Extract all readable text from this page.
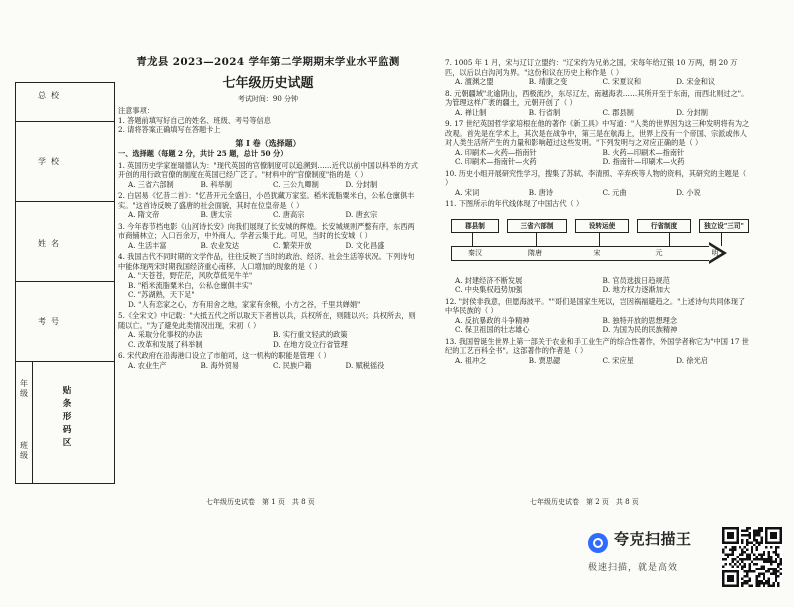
总校
学校
姓名
考号
年级
班级
贴条形码区
青龙县 2023—2024 学年第二学期期末学业水平监测
七年级历史试题
考试时间：90 分钟

注意事项：

1. 答题前填写好自己的姓名、班级、考号等信息

2. 请将答案正确填写在答题卡上

第 I 卷（选择题）
一、选择题（每题 2 分，共计 25 题，总计 50 分）

1. 英国历史学家崔瑞德认为："现代英国的官僚制度可以追溯到……近代以前中国以科举的方式开创的用行政官僚的制度在英国已经广泛了。"材料中的"官僚制度"指的是（ ）

A. 三省六部制	B. 科举制	C. 三公九卿制	D. 分封制

2. 白居易《忆昔二首》："忆昔开元全盛日，小邑犹藏万家室。稻米流脂粟米白，公私仓廪俱丰实。"这首诗反映了盛唐的社会面貌，其时在位皇帝是（ ）

A. 隋文帝	B. 唐太宗	C. 唐高宗	D. 唐玄宗

3. 今年春节档电影《山河诗长安》向我们展现了长安城的辉煌。长安城规则严整有序，东西两市商铺林立；入口百余万，中外商人、学者云集于此。可见，当时的长安城（ ）

A. 生活丰富	B. 农业发达	C. 繁荣开放	D. 文化昌盛

4. 我国古代不同时期的文学作品，往往反映了当时的政治、经济、社会生活等状况。下列诗句中能体现两宋时期我国经济重心南移、人口增加的现象的是（ ）

A. "天苍苍，野茫茫，风吹草低见牛羊"
B. "稻米流脂粟米白，公私仓廪俱丰实"
C. "苏湖熟，天下足"
D. "人有恋家之心，方有用舍之地，家家有余粮，小方之谷，千里共婵娟"

5.《全宋文》中记载："大抵五代之所以取天下者皆以兵，兵权所在，则随以兴；兵权所去，则随以亡。"为了避免此类情况出现，宋初（ ）

A. 采取分化事权的办法	B. 实行重文轻武的政策
C. 改革和发展了科举制	D. 在地方设立行省管理

6. 宋代政府在沿海港口设立了市舶司，这一机构的职能是管理（ ）

A. 农业生产	B. 海外贸易	C. 民族户籍	D. 赋税徭役
七年级历史试卷　第 1 页　共 8 页

7. 1005 年 1 月，宋与辽订立盟约："辽宋约为兄弟之国，宋每年给辽银 10 万两，绢 20 万匹，以后以白沟河为界。"这份和议在历史上称作是（ ）

A. 澶渊之盟	B. 靖康之变	C. 宋夏议和	D. 宋金和议

8. 元朝疆域"北逾阴山，西极流沙，东尽辽左，南越海表……其所开至于东南，而西北则过之"。为管理这样广袤的疆土，元朝开创了（ ）

A. 禅让制	B. 行省制	C. 郡县制	D. 分封制

9. 17 世纪英国哲学家培根在他的著作《新工具》中写道："人类的世界因为这三种发明将有为之改观。首先是在学术上，其次是在战争中，第三是在航海上，世界上没有一个帝国、宗派或伟人对人类生活所产生的力量和影响超过这些发明。"下列发明与之对应正确的是（ ）

A. 印刷术—火药—指南针	B. 火药—印刷术—指南针
C. 印刷术—指南针—火药	D. 指南针—印刷术—火药

10. 历史小组开展研究性学习，搜集了苏轼、李清照、辛弃疾等人物的资料，其研究的主题是（ ）

A. 宋词	B. 唐诗	C. 元曲	D. 小说

11. 下图所示的年代线体现了中国古代（ ）

郡县制	三省六部制	设转运使	行省制度	独立设"三司"
秦汉	隋唐	宋	元	明
A. 封建经济不断发展	B. 官员选拔日趋规范
C. 中央集权趋势加强	D. 地方权力逐渐加大

12. "封侯非我意，但愿海波平。""哥们是国家生死以，岂因祸福避趋之。"上述诗句共同体现了中华民族的（ ）

A. 反抗暴政的斗争精神	B. 独特开放的思想理念
C. 保卫祖国的壮志雄心	D. 为国为民的民族精神

13. 我国曾诞生世界上第一部关于农业和手工业生产的综合性著作，外国学者称它为"中国 17 世纪的工艺百科全书"。这部著作的作者是（ ）

A. 祖冲之	B. 贾思勰	C. 宋应星	D. 徐光启
七年级历史试卷　第 2 页　共 8 页
夸克扫描王
极速扫描，就是高效
